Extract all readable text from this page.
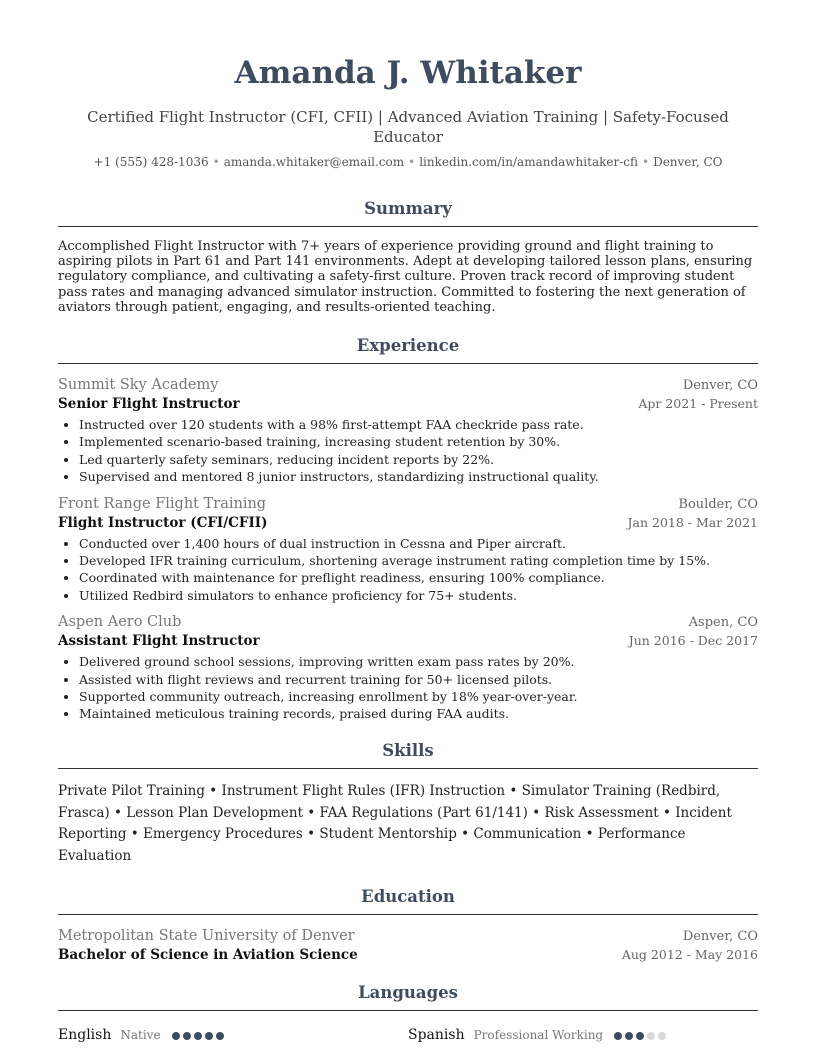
Amanda J. Whitaker
Certified Flight Instructor (CFI, CFII) | Advanced Aviation Training | Safety-Focused Educator
+1 (555) 428-1036 • amanda.whitaker@email.com • linkedin.com/in/amandawhitaker-cfi • Denver, CO
Summary
Accomplished Flight Instructor with 7+ years of experience providing ground and flight training to aspiring pilots in Part 61 and Part 141 environments. Adept at developing tailored lesson plans, ensuring regulatory compliance, and cultivating a safety-first culture. Proven track record of improving student pass rates and managing advanced simulator instruction. Committed to fostering the next generation of aviators through patient, engaging, and results-oriented teaching.
Experience
Summit Sky Academy	Denver, CO
Senior Flight Instructor	Apr 2021 - Present
• Instructed over 120 students with a 98% first-attempt FAA checkride pass rate.
• Implemented scenario-based training, increasing student retention by 30%.
• Led quarterly safety seminars, reducing incident reports by 22%.
• Supervised and mentored 8 junior instructors, standardizing instructional quality.
Front Range Flight Training	Boulder, CO
Flight Instructor (CFI/CFII)	Jan 2018 - Mar 2021
• Conducted over 1,400 hours of dual instruction in Cessna and Piper aircraft.
• Developed IFR training curriculum, shortening average instrument rating completion time by 15%.
• Coordinated with maintenance for preflight readiness, ensuring 100% compliance.
• Utilized Redbird simulators to enhance proficiency for 75+ students.
Aspen Aero Club	Aspen, CO
Assistant Flight Instructor	Jun 2016 - Dec 2017
• Delivered ground school sessions, improving written exam pass rates by 20%.
• Assisted with flight reviews and recurrent training for 50+ licensed pilots.
• Supported community outreach, increasing enrollment by 18% year-over-year.
• Maintained meticulous training records, praised during FAA audits.
Skills
Private Pilot Training • Instrument Flight Rules (IFR) Instruction • Simulator Training (Redbird, Frasca) • Lesson Plan Development • FAA Regulations (Part 61/141) • Risk Assessment • Incident Reporting • Emergency Procedures • Student Mentorship • Communication • Performance Evaluation
Education
Metropolitan State University of Denver	Denver, CO
Bachelor of Science in Aviation Science	Aug 2012 - May 2016
Languages
English Native	Spanish Professional Working
